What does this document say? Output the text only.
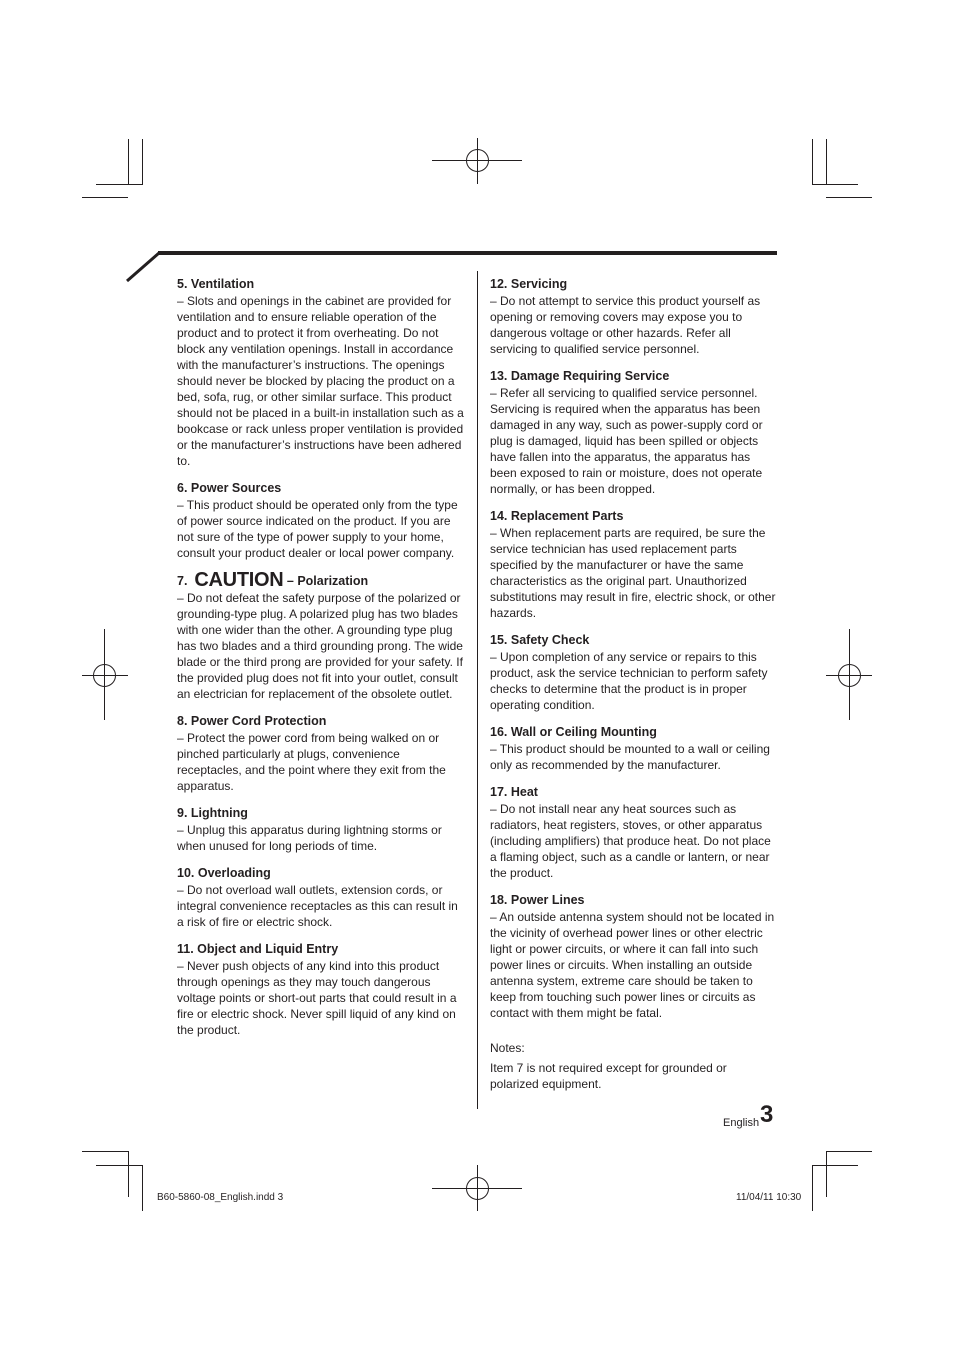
5. Ventilation

– Slots and openings in the cabinet are provided for ventilation and to ensure reliable operation of the product and to protect it from overheating. Do not block any ventilation openings. Install in accordance with the manufacturer’s instructions. The openings should never be blocked by placing the product on a bed, sofa, rug, or other similar surface. This product should not be placed in a built-in installation such as a bookcase or rack unless proper ventilation is provided or the manufacturer’s instructions have been adhered to.

6. Power Sources

– This product should be operated only from the type of power source indicated on the product. If you are not sure of the type of power supply to your home, consult your product dealer or local power company.

7. CAUTION – Polarization

– Do not defeat the safety purpose of the polarized or grounding-type plug. A polarized plug has two blades with one wider than the other. A grounding type plug has two blades and a third grounding prong. The wide blade or the third prong are provided for your safety. If the provided plug does not fit into your outlet, consult an electrician for replacement of the obsolete outlet.

8. Power Cord Protection

– Protect the power cord from being walked on or pinched particularly at plugs, convenience receptacles, and the point where they exit from the apparatus.

9. Lightning

– Unplug this apparatus during lightning storms or when unused for long periods of time.

10. Overloading

– Do not overload wall outlets, extension cords, or integral convenience receptacles as this can result in a risk of fire or electric shock.

11. Object and Liquid Entry

– Never push objects of any kind into this product through openings as they may touch dangerous voltage points or short-out parts that could result in a fire or electric shock. Never spill liquid of any kind on the product.

12. Servicing

– Do not attempt to service this product yourself as opening or removing covers may expose you to dangerous voltage or other hazards. Refer all servicing to qualified service personnel.

13. Damage Requiring Service

– Refer all servicing to qualified service personnel. Servicing is required when the apparatus has been damaged in any way, such as power-supply cord or plug is damaged, liquid has been spilled or objects have fallen into the apparatus, the apparatus has been exposed to rain or moisture, does not operate normally, or has been dropped.

14. Replacement Parts

– When replacement parts are required, be sure the service technician has used replacement parts specified by the manufacturer or have the same characteristics as the original part. Unauthorized substitutions may result in fire, electric shock, or other hazards.

15. Safety Check

– Upon completion of any service or repairs to this product, ask the service technician to perform safety checks to determine that the product is in proper operating condition.

16. Wall or Ceiling Mounting

– This product should be mounted to a wall or ceiling only as recommended by the manufacturer.

17. Heat

– Do not install near any heat sources such as radiators, heat registers, stoves, or other apparatus (including amplifiers) that produce heat. Do not place a flaming object, such as a candle or lantern, or near the product.

18. Power Lines

– An outside antenna system should not be located in the vicinity of overhead power lines or other electric light or power circuits, or where it can fall into such power lines or circuits. When installing an outside antenna system, extreme care should be taken to keep from touching such power lines or circuits as contact with them might be fatal.

Notes:

Item 7 is not required except for grounded or polarized equipment.

English 3
B60-5860-08_English.indd 3	11/04/11 10:30
